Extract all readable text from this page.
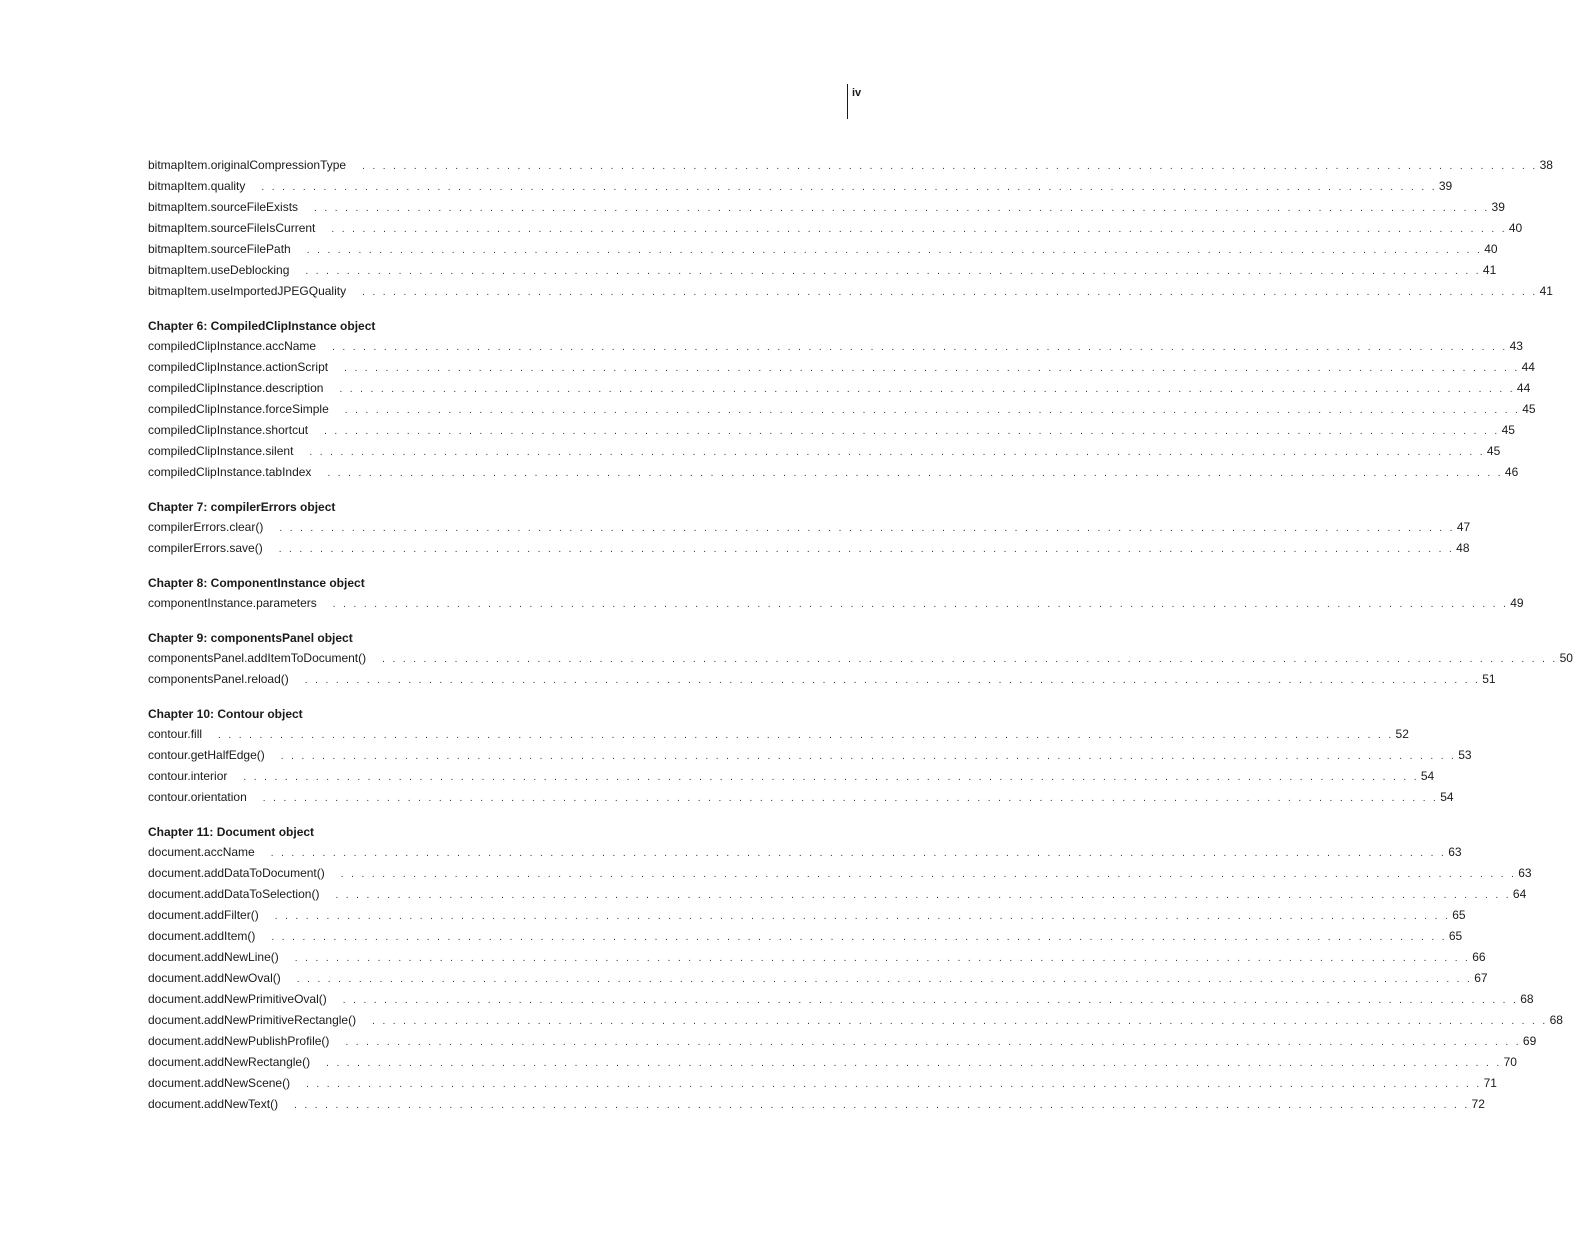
iv
bitmapItem.originalCompressionType	. . . . . . . . . . . . . . . . . . . . . . . . . . . . . . . . . . . . . . . . . . . . . . . . . . . . . . . . . . . . . . . . . . . . . . . . . . . . . . . . . . . . . . . . . . . . . . . . . . . . . . . . . . . . . . . . . . 38
bitmapItem.quality	. . . . . . . . . . . . . . . . . . . . . . . . . . . . . . . . . . . . . . . . . . . . . . . . . . . . . . . . . . . . . . . . . . . . . . . . . . . . . . . . . . . . . . . . . . . . . . . . . . . . . . . . . . . . . . . . . . 39
bitmapItem.sourceFileExists	. . . . . . . . . . . . . . . . . . . . . . . . . . . . . . . . . . . . . . . . . . . . . . . . . . . . . . . . . . . . . . . . . . . . . . . . . . . . . . . . . . . . . . . . . . . . . . . . . . . . . . . . . . . . . . . . . . 39
bitmapItem.sourceFileIsCurrent	. . . . . . . . . . . . . . . . . . . . . . . . . . . . . . . . . . . . . . . . . . . . . . . . . . . . . . . . . . . . . . . . . . . . . . . . . . . . . . . . . . . . . . . . . . . . . . . . . . . . . . . . . . . . . . . . . . 40
bitmapItem.sourceFilePath	. . . . . . . . . . . . . . . . . . . . . . . . . . . . . . . . . . . . . . . . . . . . . . . . . . . . . . . . . . . . . . . . . . . . . . . . . . . . . . . . . . . . . . . . . . . . . . . . . . . . . . . . . . . . . . . . . . 40
bitmapItem.useDeblocking	. . . . . . . . . . . . . . . . . . . . . . . . . . . . . . . . . . . . . . . . . . . . . . . . . . . . . . . . . . . . . . . . . . . . . . . . . . . . . . . . . . . . . . . . . . . . . . . . . . . . . . . . . . . . . . . . . . 41
bitmapItem.useImportedJPEGQuality	. . . . . . . . . . . . . . . . . . . . . . . . . . . . . . . . . . . . . . . . . . . . . . . . . . . . . . . . . . . . . . . . . . . . . . . . . . . . . . . . . . . . . . . . . . . . . . . . . . . . . . . . . . . . . . . . . . 41
Chapter 6: CompiledClipInstance object
compiledClipInstance.accName	. . . . . . . . . . . . . . . . . . . . . . . . . . . . . . . . . . . . . . . . . . . . . . . . . . . . . . . . . . . . . . . . . . . . . . . . . . . . . . . . . . . . . . . . . . . . . . . . . . . . . . . . . . . . . . . . . . 43
compiledClipInstance.actionScript	. . . . . . . . . . . . . . . . . . . . . . . . . . . . . . . . . . . . . . . . . . . . . . . . . . . . . . . . . . . . . . . . . . . . . . . . . . . . . . . . . . . . . . . . . . . . . . . . . . . . . . . . . . . . . . . . . . 44
compiledClipInstance.description	. . . . . . . . . . . . . . . . . . . . . . . . . . . . . . . . . . . . . . . . . . . . . . . . . . . . . . . . . . . . . . . . . . . . . . . . . . . . . . . . . . . . . . . . . . . . . . . . . . . . . . . . . . . . . . . . . . 44
compiledClipInstance.forceSimple	. . . . . . . . . . . . . . . . . . . . . . . . . . . . . . . . . . . . . . . . . . . . . . . . . . . . . . . . . . . . . . . . . . . . . . . . . . . . . . . . . . . . . . . . . . . . . . . . . . . . . . . . . . . . . . . . . . 45
compiledClipInstance.shortcut	. . . . . . . . . . . . . . . . . . . . . . . . . . . . . . . . . . . . . . . . . . . . . . . . . . . . . . . . . . . . . . . . . . . . . . . . . . . . . . . . . . . . . . . . . . . . . . . . . . . . . . . . . . . . . . . . . . 45
compiledClipInstance.silent	. . . . . . . . . . . . . . . . . . . . . . . . . . . . . . . . . . . . . . . . . . . . . . . . . . . . . . . . . . . . . . . . . . . . . . . . . . . . . . . . . . . . . . . . . . . . . . . . . . . . . . . . . . . . . . . . . . 45
compiledClipInstance.tabIndex	. . . . . . . . . . . . . . . . . . . . . . . . . . . . . . . . . . . . . . . . . . . . . . . . . . . . . . . . . . . . . . . . . . . . . . . . . . . . . . . . . . . . . . . . . . . . . . . . . . . . . . . . . . . . . . . . . . 46
Chapter 7: compilerErrors object
compilerErrors.clear()	. . . . . . . . . . . . . . . . . . . . . . . . . . . . . . . . . . . . . . . . . . . . . . . . . . . . . . . . . . . . . . . . . . . . . . . . . . . . . . . . . . . . . . . . . . . . . . . . . . . . . . . . . . . . . . . . . . 47
compilerErrors.save()	. . . . . . . . . . . . . . . . . . . . . . . . . . . . . . . . . . . . . . . . . . . . . . . . . . . . . . . . . . . . . . . . . . . . . . . . . . . . . . . . . . . . . . . . . . . . . . . . . . . . . . . . . . . . . . . . . . 48
Chapter 8: ComponentInstance object
componentInstance.parameters	. . . . . . . . . . . . . . . . . . . . . . . . . . . . . . . . . . . . . . . . . . . . . . . . . . . . . . . . . . . . . . . . . . . . . . . . . . . . . . . . . . . . . . . . . . . . . . . . . . . . . . . . . . . . . . . . . . 49
Chapter 9: componentsPanel object
componentsPanel.addItemToDocument()	. . . . . . . . . . . . . . . . . . . . . . . . . . . . . . . . . . . . . . . . . . . . . . . . . . . . . . . . . . . . . . . . . . . . . . . . . . . . . . . . . . . . . . . . . . . . . . . . . . . . . . . . . . . . . . . . . . 50
componentsPanel.reload()	. . . . . . . . . . . . . . . . . . . . . . . . . . . . . . . . . . . . . . . . . . . . . . . . . . . . . . . . . . . . . . . . . . . . . . . . . . . . . . . . . . . . . . . . . . . . . . . . . . . . . . . . . . . . . . . . . . 51
Chapter 10: Contour object
contour.fill	. . . . . . . . . . . . . . . . . . . . . . . . . . . . . . . . . . . . . . . . . . . . . . . . . . . . . . . . . . . . . . . . . . . . . . . . . . . . . . . . . . . . . . . . . . . . . . . . . . . . . . . . . . . . . . . . . . 52
contour.getHalfEdge()	. . . . . . . . . . . . . . . . . . . . . . . . . . . . . . . . . . . . . . . . . . . . . . . . . . . . . . . . . . . . . . . . . . . . . . . . . . . . . . . . . . . . . . . . . . . . . . . . . . . . . . . . . . . . . . . . . . 53
contour.interior	. . . . . . . . . . . . . . . . . . . . . . . . . . . . . . . . . . . . . . . . . . . . . . . . . . . . . . . . . . . . . . . . . . . . . . . . . . . . . . . . . . . . . . . . . . . . . . . . . . . . . . . . . . . . . . . . . . 54
contour.orientation	. . . . . . . . . . . . . . . . . . . . . . . . . . . . . . . . . . . . . . . . . . . . . . . . . . . . . . . . . . . . . . . . . . . . . . . . . . . . . . . . . . . . . . . . . . . . . . . . . . . . . . . . . . . . . . . . . . 54
Chapter 11: Document object
document.accName	. . . . . . . . . . . . . . . . . . . . . . . . . . . . . . . . . . . . . . . . . . . . . . . . . . . . . . . . . . . . . . . . . . . . . . . . . . . . . . . . . . . . . . . . . . . . . . . . . . . . . . . . . . . . . . . . . . 63
document.addDataToDocument()	. . . . . . . . . . . . . . . . . . . . . . . . . . . . . . . . . . . . . . . . . . . . . . . . . . . . . . . . . . . . . . . . . . . . . . . . . . . . . . . . . . . . . . . . . . . . . . . . . . . . . . . . . . . . . . . . . . 63
document.addDataToSelection()	. . . . . . . . . . . . . . . . . . . . . . . . . . . . . . . . . . . . . . . . . . . . . . . . . . . . . . . . . . . . . . . . . . . . . . . . . . . . . . . . . . . . . . . . . . . . . . . . . . . . . . . . . . . . . . . . . . 64
document.addFilter()	. . . . . . . . . . . . . . . . . . . . . . . . . . . . . . . . . . . . . . . . . . . . . . . . . . . . . . . . . . . . . . . . . . . . . . . . . . . . . . . . . . . . . . . . . . . . . . . . . . . . . . . . . . . . . . . . . . 65
document.addItem()	. . . . . . . . . . . . . . . . . . . . . . . . . . . . . . . . . . . . . . . . . . . . . . . . . . . . . . . . . . . . . . . . . . . . . . . . . . . . . . . . . . . . . . . . . . . . . . . . . . . . . . . . . . . . . . . . . . 65
document.addNewLine()	. . . . . . . . . . . . . . . . . . . . . . . . . . . . . . . . . . . . . . . . . . . . . . . . . . . . . . . . . . . . . . . . . . . . . . . . . . . . . . . . . . . . . . . . . . . . . . . . . . . . . . . . . . . . . . . . . . 66
document.addNewOval()	. . . . . . . . . . . . . . . . . . . . . . . . . . . . . . . . . . . . . . . . . . . . . . . . . . . . . . . . . . . . . . . . . . . . . . . . . . . . . . . . . . . . . . . . . . . . . . . . . . . . . . . . . . . . . . . . . . 67
document.addNewPrimitiveOval()	. . . . . . . . . . . . . . . . . . . . . . . . . . . . . . . . . . . . . . . . . . . . . . . . . . . . . . . . . . . . . . . . . . . . . . . . . . . . . . . . . . . . . . . . . . . . . . . . . . . . . . . . . . . . . . . . . . 68
document.addNewPrimitiveRectangle()	. . . . . . . . . . . . . . . . . . . . . . . . . . . . . . . . . . . . . . . . . . . . . . . . . . . . . . . . . . . . . . . . . . . . . . . . . . . . . . . . . . . . . . . . . . . . . . . . . . . . . . . . . . . . . . . . . . 68
document.addNewPublishProfile()	. . . . . . . . . . . . . . . . . . . . . . . . . . . . . . . . . . . . . . . . . . . . . . . . . . . . . . . . . . . . . . . . . . . . . . . . . . . . . . . . . . . . . . . . . . . . . . . . . . . . . . . . . . . . . . . . . . 69
document.addNewRectangle()	. . . . . . . . . . . . . . . . . . . . . . . . . . . . . . . . . . . . . . . . . . . . . . . . . . . . . . . . . . . . . . . . . . . . . . . . . . . . . . . . . . . . . . . . . . . . . . . . . . . . . . . . . . . . . . . . . . 70
document.addNewScene()	. . . . . . . . . . . . . . . . . . . . . . . . . . . . . . . . . . . . . . . . . . . . . . . . . . . . . . . . . . . . . . . . . . . . . . . . . . . . . . . . . . . . . . . . . . . . . . . . . . . . . . . . . . . . . . . . . . 71
document.addNewText()	. . . . . . . . . . . . . . . . . . . . . . . . . . . . . . . . . . . . . . . . . . . . . . . . . . . . . . . . . . . . . . . . . . . . . . . . . . . . . . . . . . . . . . . . . . . . . . . . . . . . . . . . . . . . . . . . . . 72
